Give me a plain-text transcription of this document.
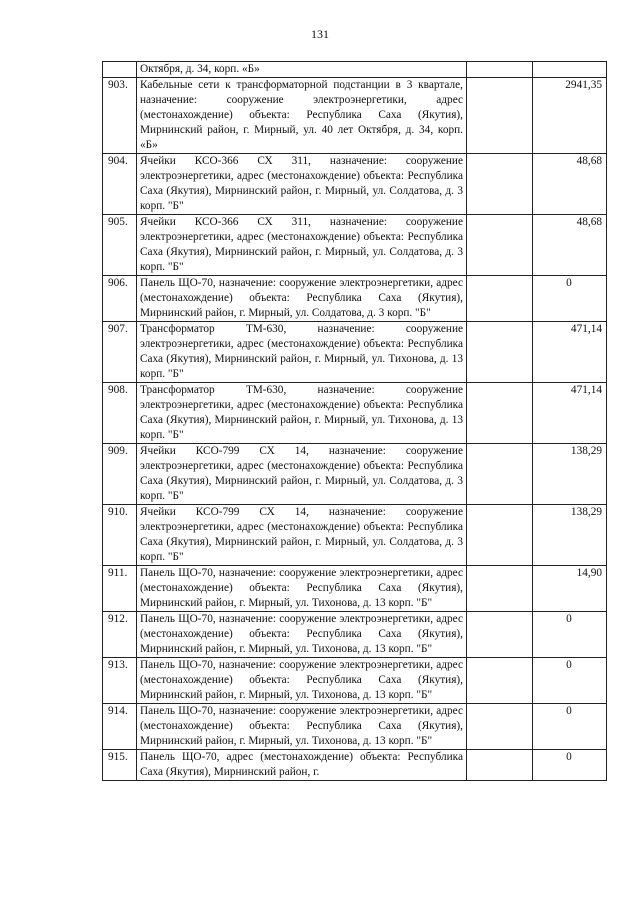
131
	Октября, д. 34, корп. «Б»		
903.	Кабельные сети к трансформаторной подстанции в 3 квартале, назначение: сооружение электроэнергетики, адрес (местонахождение) объекта: Республика Саха (Якутия), Мирнинский район, г. Мирный, ул. 40 лет Октября, д. 34, корп. «Б»		2941,35
904.	Ячейки КСО-366 СХ 311, назначение: сооружение электроэнергетики, адрес (местонахождение) объекта: Республика Саха (Якутия), Мирнинский район, г. Мирный, ул. Солдатова, д. 3 корп. "Б"		48,68
905.	Ячейки КСО-366 СХ 311, назначение: сооружение электроэнергетики, адрес (местонахождение) объекта: Республика Саха (Якутия), Мирнинский район, г. Мирный, ул. Солдатова, д. 3 корп. "Б"		48,68
906.	Панель ЩО-70, назначение: сооружение электроэнергетики, адрес (местонахождение) объекта: Республика Саха (Якутия), Мирнинский район, г. Мирный, ул. Солдатова, д. 3 корп. "Б"		0
907.	Трансформатор ТМ-630, назначение: сооружение электроэнергетики, адрес (местонахождение) объекта: Республика Саха (Якутия), Мирнинский район, г. Мирный, ул. Тихонова, д. 13 корп. "Б"		471,14
908.	Трансформатор ТМ-630, назначение: сооружение электроэнергетики, адрес (местонахождение) объекта: Республика Саха (Якутия), Мирнинский район, г. Мирный, ул. Тихонова, д. 13 корп. "Б"		471,14
909.	Ячейки КСО-799 СХ 14, назначение: сооружение электроэнергетики, адрес (местонахождение) объекта: Республика Саха (Якутия), Мирнинский район, г. Мирный, ул. Солдатова, д. 3 корп. "Б"		138,29
910.	Ячейки КСО-799 СХ 14, назначение: сооружение электроэнергетики, адрес (местонахождение) объекта: Республика Саха (Якутия), Мирнинский район, г. Мирный, ул. Солдатова, д. 3 корп. "Б"		138,29
911.	Панель ЩО-70, назначение: сооружение электроэнергетики, адрес (местонахождение) объекта: Республика Саха (Якутия), Мирнинский район, г. Мирный, ул. Тихонова, д. 13 корп. "Б"		14,90
912.	Панель ЩО-70, назначение: сооружение электроэнергетики, адрес (местонахождение) объекта: Республика Саха (Якутия), Мирнинский район, г. Мирный, ул. Тихонова, д. 13 корп. "Б"		0
913.	Панель ЩО-70, назначение: сооружение электроэнергетики, адрес (местонахождение) объекта: Республика Саха (Якутия), Мирнинский район, г. Мирный, ул. Тихонова, д. 13 корп. "Б"		0
914.	Панель ЩО-70, назначение: сооружение электроэнергетики, адрес (местонахождение) объекта: Республика Саха (Якутия), Мирнинский район, г. Мирный, ул. Тихонова, д. 13 корп. "Б"		0
915.	Панель ЩО-70, адрес (местонахождение) объекта: Республика Саха (Якутия), Мирнинский район, г.		0
